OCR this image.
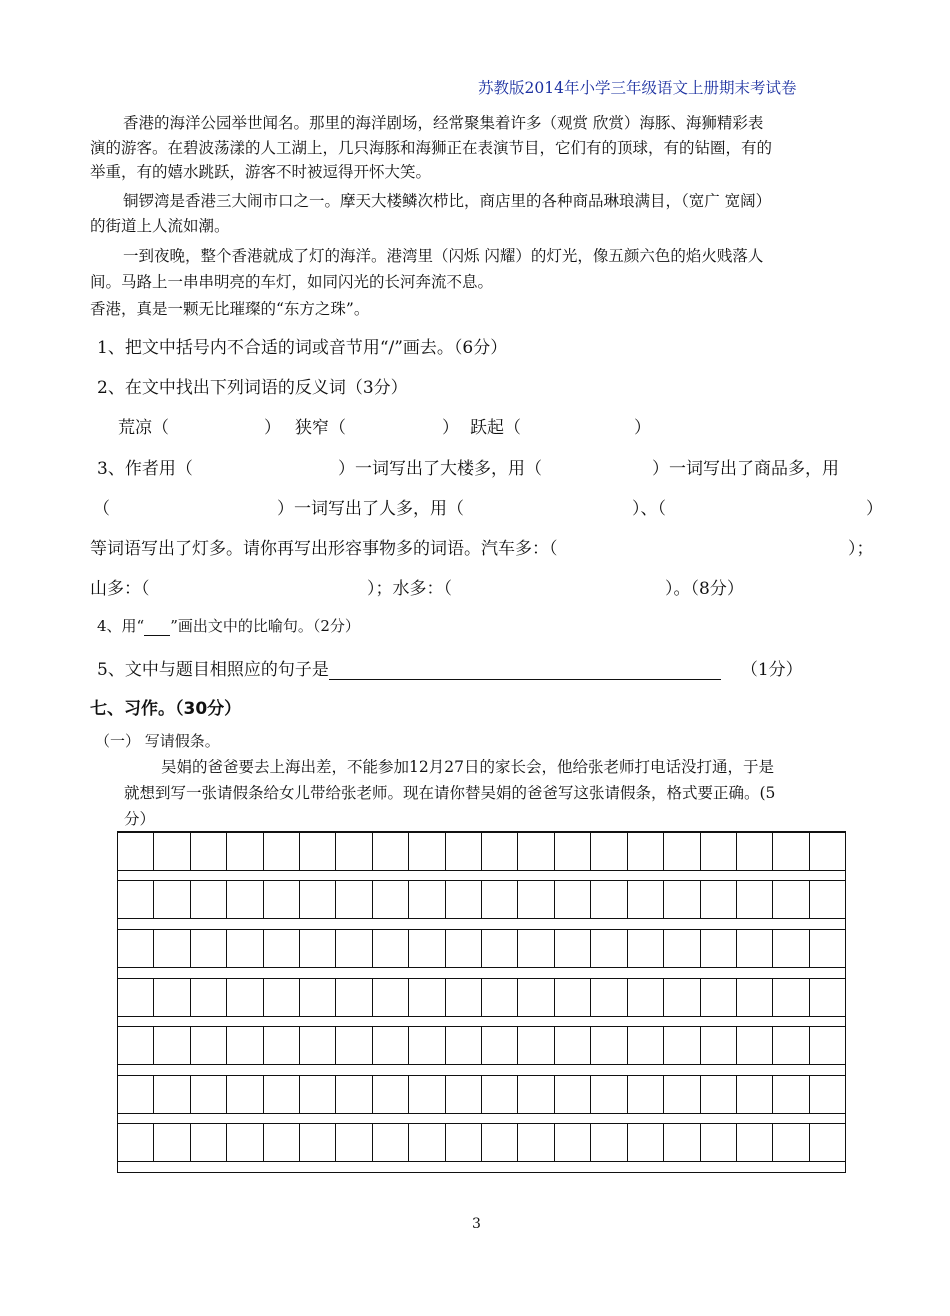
苏教版2014年小学三年级语文上册期末考试卷
香港的海洋公园举世闻名。那里的海洋剧场，经常聚集着许多（观赏 欣赏）海豚、海狮精彩表
演的游客。在碧波荡漾的人工湖上，几只海豚和海狮正在表演节目，它们有的顶球，有的钻圈，有的
举重，有的嬉水跳跃，游客不时被逗得开怀大笑。
铜锣湾是香港三大闹市口之一。摩天大楼鳞次栉比，商店里的各种商品琳琅满目，（宽广 宽阔）
的街道上人流如潮。
一到夜晚，整个香港就成了灯的海洋。港湾里（闪烁 闪耀）的灯光，像五颜六色的焰火贱落人
间。马路上一串串明亮的车灯，如同闪光的长河奔流不息。
香港，真是一颗无比璀璨的“东方之珠”。
1、把文中括号内不合适的词或音节用“/”画去。（6分）
2、在文中找出下列词语的反义词（3分）
荒凉（	） 狭窄（	） 跃起（	）
3、作者用（	）一词写出了大楼多，用（	）一词写出了商品多，用
（	）一词写出了人多，用（	）、（	）
等词语写出了灯多。请你再写出形容事物多的词语。汽车多：（	）；
山多：（	）；水多：（	）。（8分）
4、用“ ”画出文中的比喻句。（2分）
5、文中与题目相照应的句子是	（1分）
七、习作。（30分）
（一） 写请假条。
吴娟的爸爸要去上海出差，不能参加12月27日的家长会，他给张老师打电话没打通，于是
就想到写一张请假条给女儿带给张老师。现在请你替吴娟的爸爸写这张请假条，格式要正确。(5
分）
3
